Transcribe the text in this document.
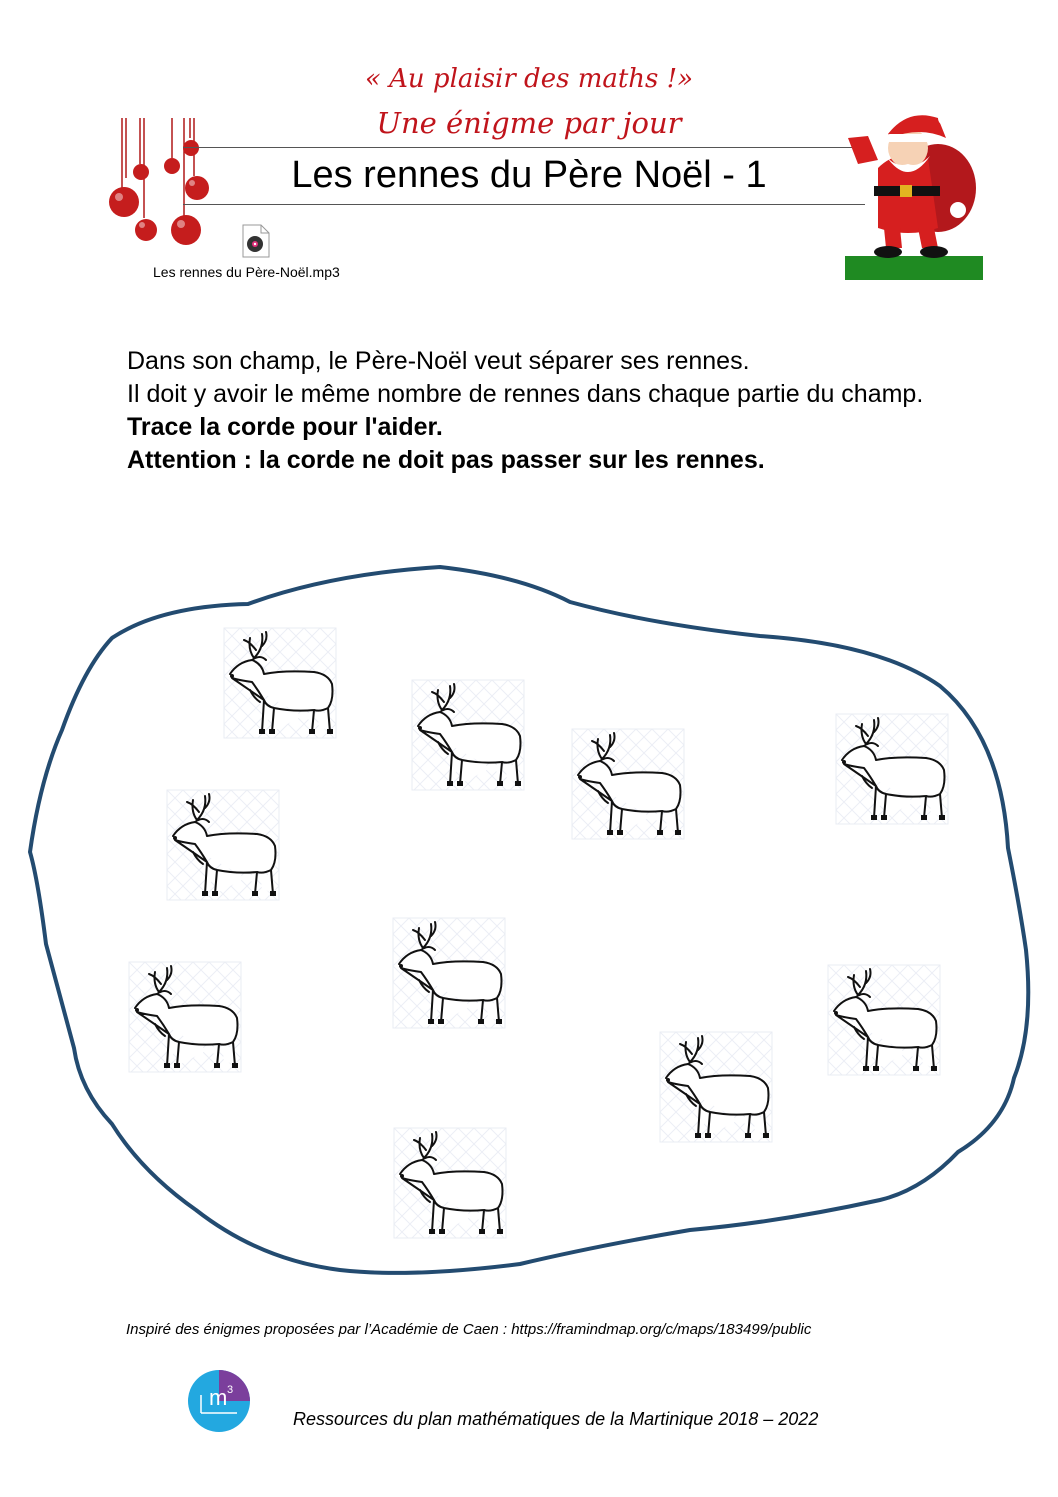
« Au plaisir des maths !»
Une énigme par jour
Les rennes du Père Noël - 1
Les rennes du Père-Noël.mp3

Dans son champ, le Père-Noël veut séparer ses rennes.

Il doit y avoir le même nombre de rennes dans chaque partie du champ.

Trace la corde pour l'aider.

Attention : la corde ne doit pas passer sur les rennes.

Inspiré des énigmes proposées par l’Académie de Caen : https://framindmap.org/c/maps/183499/public
m 3
Ressources du plan mathématiques de la Martinique 2018 – 2022
